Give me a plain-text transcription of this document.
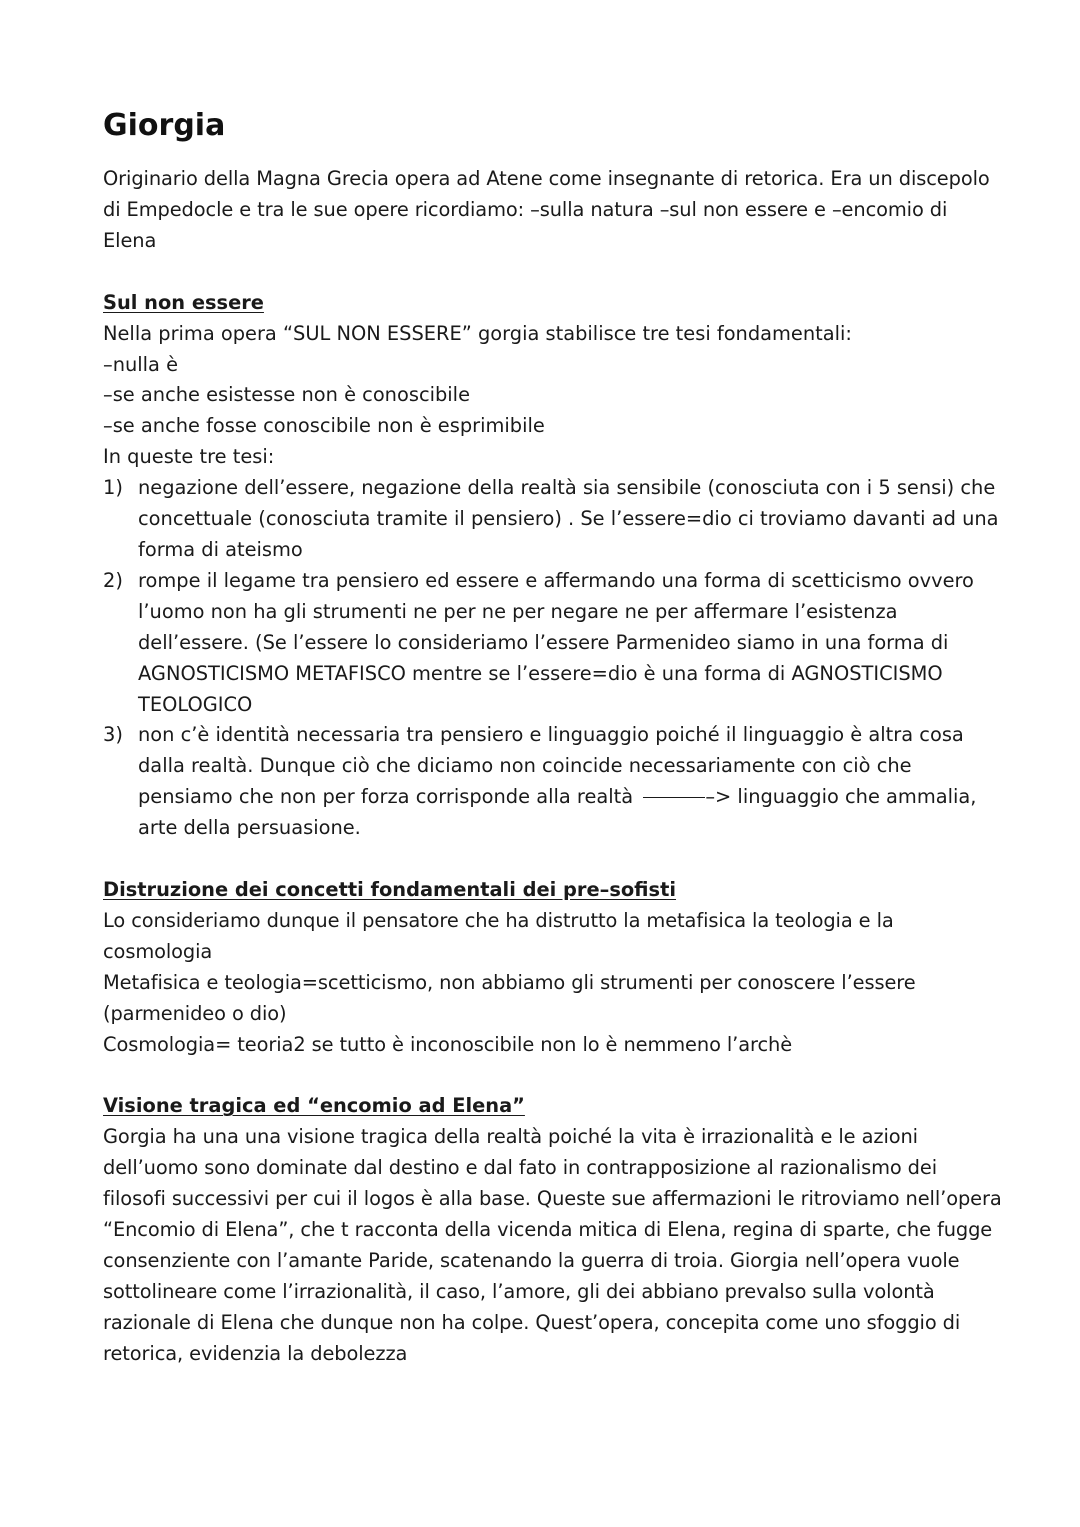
Giorgia

Originario della Magna Grecia opera ad Atene come insegnante di retorica. Era un discepolo di Empedocle e tra le sue opere ricordiamo: –sulla natura –sul non essere e –encomio di Elena

Sul non essere

Nella prima opera “SUL NON ESSERE” gorgia stabilisce tre tesi fondamentali:

–nulla è

–se anche esistesse non è conoscibile

–se anche fosse conoscibile non è esprimibile

In queste tre tesi:

1) negazione dell’essere, negazione della realtà sia sensibile (conosciuta con i 5 sensi) che concettuale (conosciuta tramite il pensiero) . Se l’essere=dio ci troviamo davanti ad una forma di ateismo
2) rompe il legame tra pensiero ed essere e affermando una forma di scetticismo ovvero l’uomo non ha gli strumenti ne per ne per negare ne per affermare l’esistenza dell’essere. (Se l’essere lo consideriamo l’essere Parmenideo siamo in una forma di AGNOSTICISMO METAFISCO mentre se l’essere=dio è una forma di AGNOSTICISMO TEOLOGICO
3) non c’è identità necessaria tra pensiero e linguaggio poiché il linguaggio è altra cosa dalla realtà. Dunque ciò che diciamo non coincide necessariamente con ciò che pensiamo che non per forza corrisponde alla realtà	–> linguaggio che ammalia, arte della persuasione.

Distruzione dei concetti fondamentali dei pre–sofisti

Lo consideriamo dunque il pensatore che ha distrutto la metafisica la teologia e la cosmologia

Metafisica e teologia=scetticismo, non abbiamo gli strumenti per conoscere l’essere (parmenideo o dio)

Cosmologia= teoria2 se tutto è inconoscibile non lo è nemmeno l’archè

Visione tragica ed “encomio ad Elena”

Gorgia ha una una visione tragica della realtà poiché la vita è irrazionalità e le azioni dell’uomo sono dominate dal destino e dal fato in contrapposizione al razionalismo dei filosofi successivi per cui il logos è alla base. Queste sue affermazioni le ritroviamo nell’opera “Encomio di Elena”, che t racconta della vicenda mitica di Elena, regina di sparte, che fugge consenziente con l’amante Paride, scatenando la guerra di troia. Giorgia nell’opera vuole sottolineare come l’irrazionalità, il caso, l’amore, gli dei abbiano prevalso sulla volontà razionale di Elena che dunque non ha colpe. Quest’opera, concepita come uno sfoggio di retorica, evidenzia la debolezza
